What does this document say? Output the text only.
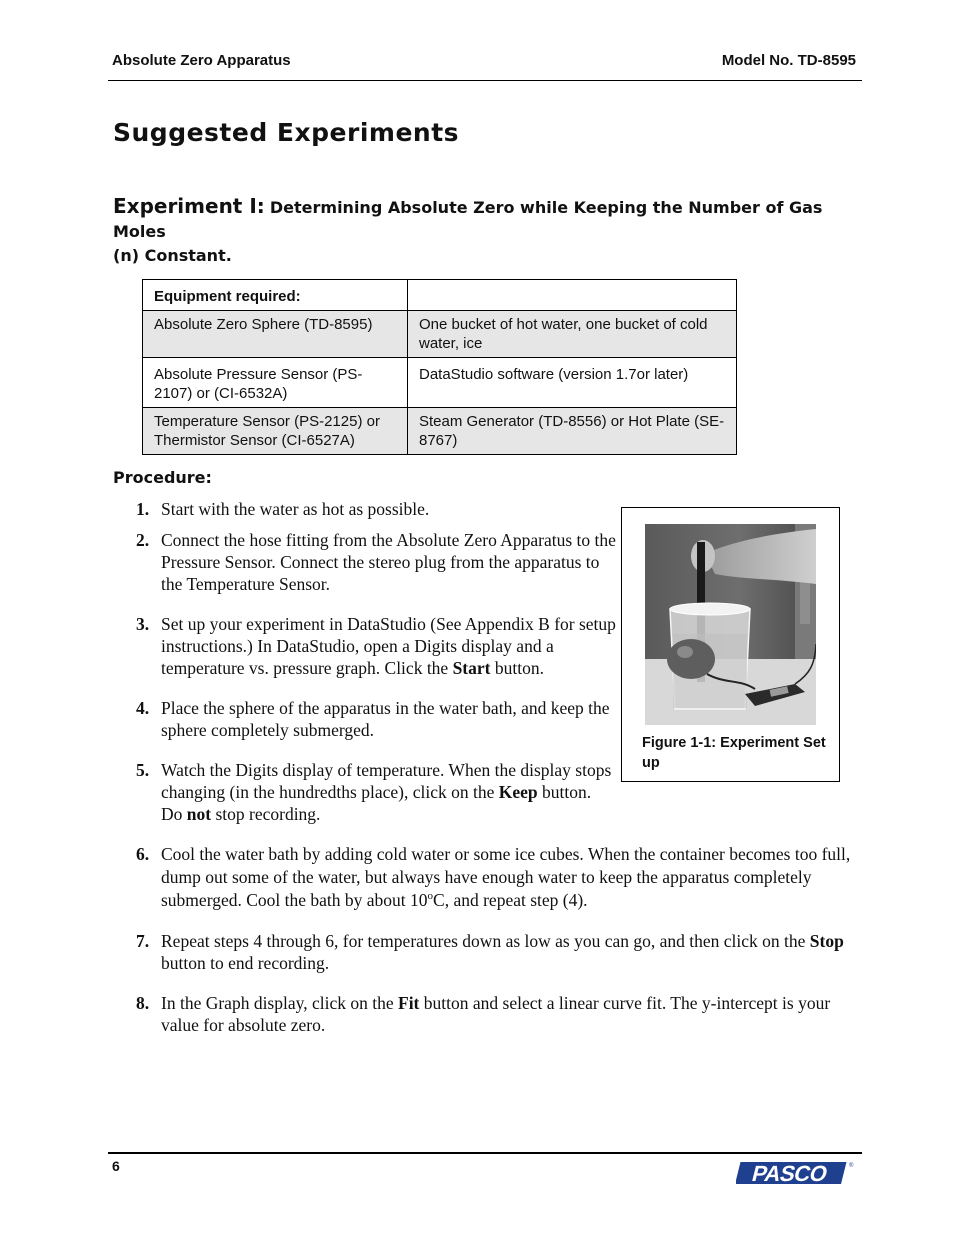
Absolute Zero Apparatus	Model No. TD-8595
Suggested Experiments
Experiment I: Determining Absolute Zero while Keeping the Number of Gas Moles
(n) Constant.
Equipment required:	
Absolute Zero Sphere (TD-8595)	One bucket of hot water, one bucket of cold water, ice
Absolute Pressure Sensor (PS-2107) or (CI-6532A)	DataStudio software (version 1.7or later)
Temperature Sensor (PS-2125) or Thermistor Sensor (CI-6527A)	Steam Generator (TD-8556) or Hot Plate (SE-8767)
Procedure:
1. Start with the water as hot as possible.
2. Connect the hose fitting from the Absolute Zero Apparatus to the Pressure Sensor. Connect the stereo plug from the apparatus to the Temperature Sensor.
3. Set up your experiment in DataStudio (See Appendix B for setup instructions.) In DataStudio, open a Digits display and a temperature vs. pressure graph. Click the Start button.
4. Place the sphere of the apparatus in the water bath, and keep the sphere completely submerged.
5. Watch the Digits display of temperature. When the display stops changing (in the hundredths place), click on the Keep button. Do not stop recording.
6. Cool the water bath by adding cold water or some ice cubes. When the container becomes too full, dump out some of the water, but always have enough water to keep the apparatus completely submerged. Cool the bath by about 10$^o$C, and repeat step (4).
7. Repeat steps 4 through 6, for temperatures down as low as you can go, and then click on the Stop button to end recording.
8. In the Graph display, click on the Fit button and select a linear curve fit. The y-intercept is your value for absolute zero.
Figure 1-1: Experiment Set up
6	PASCO	®
